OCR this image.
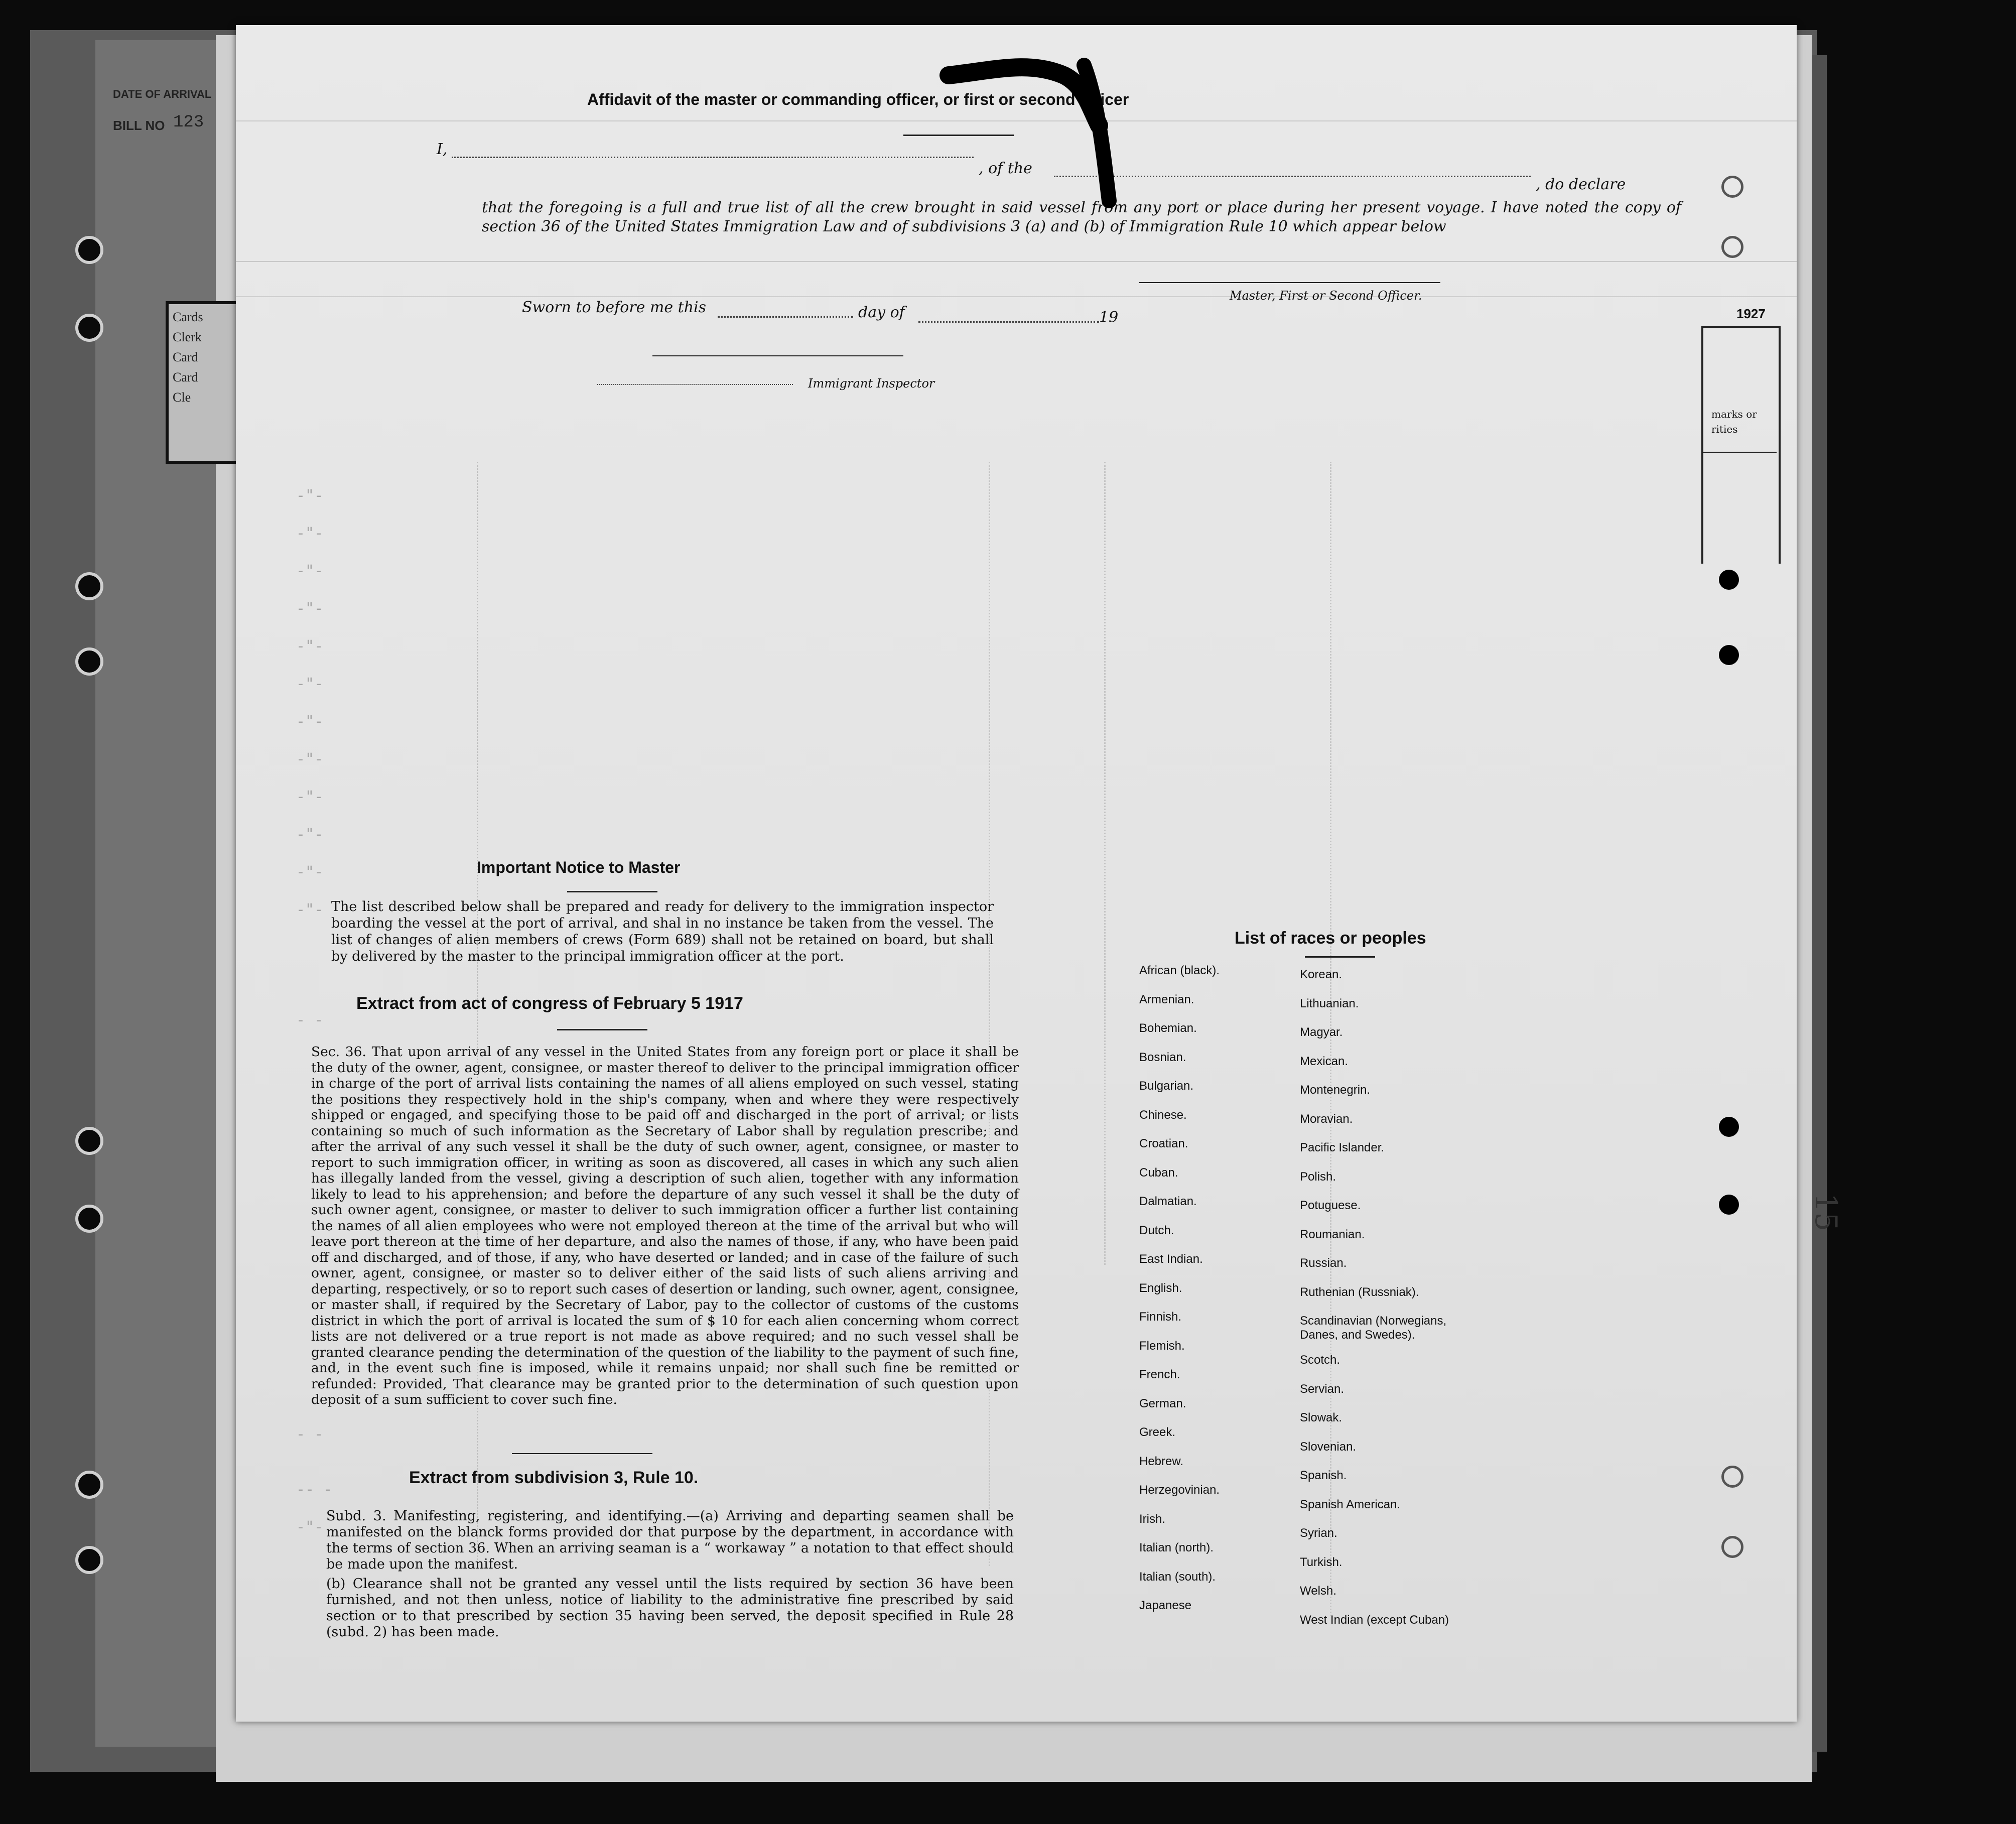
DATE OF ARRIVAL
BILL NO 123
Cards
Clerk
Card
Card
Cle
-"-
-"-
-"-
-"-
-"-
-"-
-"-
-"-
-"-
-"-
-"-
-"-
- -
- -
-- -
-"-
1927
marks or
rities
15
Affidavit of the master or commanding officer, or first or second officer
I,
, of the
, do declare
that the foregoing is a full and true list of all the crew brought in said vessel from any port or place during her present voyage. I have noted the copy of section 36 of the United States Immigration Law and of subdivisions 3 (a) and (b) of Immigration Rule 10 which appear below
Sworn to before me this	day of	19
Master, First or Second Officer.
Immigrant Inspector
Important Notice to Master
The list described below shall be prepared and ready for delivery to the immigration inspector boarding the vessel at the port of arrival, and shal in no instance be taken from the vessel. The list of changes of alien members of crews (Form 689) shall not be retained on board, but shall by delivered by the master to the principal immigration officer at the port.
Extract from act of congress of February 5 1917
Sec. 36. That upon arrival of any vessel in the United States from any foreign port or place it shall be the duty of the owner, agent, consignee, or master thereof to deliver to the principal immigration officer in charge of the port of arrival lists containing the names of all aliens employed on such vessel, stating the positions they respectively hold in the ship's company, when and where they were respectively shipped or engaged, and specifying those to be paid off and discharged in the port of arrival; or lists containing so much of such information as the Secretary of Labor shall by regulation prescribe; and after the arrival of any such vessel it shall be the duty of such owner, agent, consignee, or master to report to such immigration officer, in writing as soon as discovered, all cases in which any such alien has illegally landed from the vessel, giving a description of such alien, together with any information likely to lead to his apprehension; and before the departure of any such vessel it shall be the duty of such owner agent, consignee, or master to deliver to such immigration officer a further list containing the names of all alien employees who were not employed thereon at the time of the arrival but who will leave port thereon at the time of her departure, and also the names of those, if any, who have been paid off and discharged, and of those, if any, who have deserted or landed; and in case of the failure of such owner, agent, consignee, or master so to deliver either of the said lists of such aliens arriving and departing, respectively, or so to report such cases of desertion or landing, such owner, agent, consignee, or master shall, if required by the Secretary of Labor, pay to the collector of customs of the customs district in which the port of arrival is located the sum of $ 10 for each alien concerning whom correct lists are not delivered or a true report is not made as above required; and no such vessel shall be granted clearance pending the determination of the question of the liability to the payment of such fine, and, in the event such fine is imposed, while it remains unpaid; nor shall such fine be remitted or refunded: Provided, That clearance may be granted prior to the determination of such question upon deposit of a sum sufficient to cover such fine.
Extract from subdivision 3, Rule 10.
Subd. 3. Manifesting, registering, and identifying.—(a) Arriving and departing seamen shall be manifested on the blanck forms provided dor that purpose by the department, in accordance with the terms of section 36. When an arriving seaman is a “ workaway ” a notation to that effect should be made upon the manifest.
(b) Clearance shall not be granted any vessel until the lists required by section 36 have been furnished, and not then unless, notice of liability to the administrative fine prescribed by said section or to that prescribed by section 35 having been served, the deposit specified in Rule 28 (subd. 2) has been made.
List of races or peoples
African (black).
Armenian.
Bohemian.
Bosnian.
Bulgarian.
Chinese.
Croatian.
Cuban.
Dalmatian.
Dutch.
East Indian.
English.
Finnish.
Flemish.
French.
German.
Greek.
Hebrew.
Herzegovinian.
Irish.
Italian (north).
Italian (south).
Japanese
Korean.
Lithuanian.
Magyar.
Mexican.
Montenegrin.
Moravian.
Pacific Islander.
Polish.
Potuguese.
Roumanian.
Russian.
Ruthenian (Russniak).
Scandinavian (Norwegians, Danes, and Swedes).
Scotch.
Servian.
Slowak.
Slovenian.
Spanish.
Spanish American.
Syrian.
Turkish.
Welsh.
West Indian (except Cuban)
